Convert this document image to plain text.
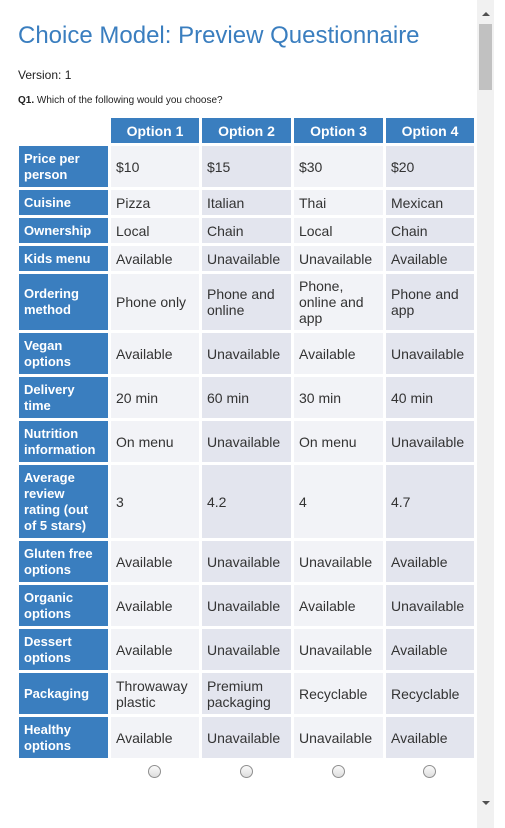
Choice Model: Preview Questionnaire
Version: 1
Q1. Which of the following would you choose?
	Option 1	Option 2	Option 3	Option 4
Price per person	$10	$15	$30	$20
Cuisine	Pizza	Italian	Thai	Mexican
Ownership	Local	Chain	Local	Chain
Kids menu	Available	Unavailable	Unavailable	Available
Ordering method	Phone only	Phone and online	Phone, online and app	Phone and app
Vegan options	Available	Unavailable	Available	Unavailable
Delivery time	20 min	60 min	30 min	40 min
Nutrition information	On menu	Unavailable	On menu	Unavailable
Average review rating (out of 5 stars)	3	4.2	4	4.7
Gluten free options	Available	Unavailable	Unavailable	Available
Organic options	Available	Unavailable	Available	Unavailable
Dessert options	Available	Unavailable	Unavailable	Available
Packaging	Throwaway plastic	Premium packaging	Recyclable	Recyclable
Healthy options	Available	Unavailable	Unavailable	Available
